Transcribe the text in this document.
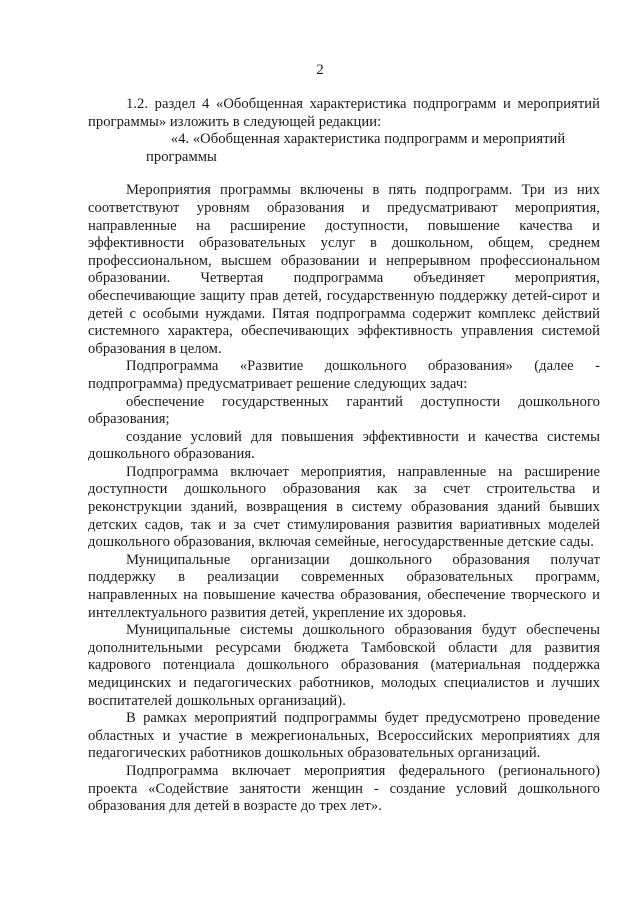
2

1.2. раздел 4 «Обобщенная характеристика подпрограмм и мероприятий программы» изложить в следующей редакции:

«4. «Обобщенная характеристика подпрограмм и мероприятий программы

Мероприятия программы включены в пять подпрограмм. Три из них соответствуют уровням образования и предусматривают мероприятия, направленные на расширение доступности, повышение качества и эффективности образовательных услуг в дошкольном, общем, среднем профессиональном, высшем образовании и непрерывном профессиональном образовании. Четвертая подпрограмма объединяет мероприятия, обеспечивающие защиту прав детей, государственную поддержку детей-сирот и детей с особыми нуждами. Пятая подпрограмма содержит комплекс действий системного характера, обеспечивающих эффективность управления системой образования в целом.

Подпрограмма «Развитие дошкольного образования» (далее - подпрограмма) предусматривает решение следующих задач:

обеспечение государственных гарантий доступности дошкольного образования;

создание условий для повышения эффективности и качества системы дошкольного образования.

Подпрограмма включает мероприятия, направленные на расширение доступности дошкольного образования как за счет строительства и реконструкции зданий, возвращения в систему образования зданий бывших детских садов, так и за счет стимулирования развития вариативных моделей дошкольного образования, включая семейные, негосударственные детские сады.

Муниципальные организации дошкольного образования получат поддержку в реализации современных образовательных программ, направленных на повышение качества образования, обеспечение творческого и интеллектуального развития детей, укрепление их здоровья.

Муниципальные системы дошкольного образования будут обеспечены дополнительными ресурсами бюджета Тамбовской области для развития кадрового потенциала дошкольного образования (материальная поддержка медицинских и педагогических работников, молодых специалистов и лучших воспитателей дошкольных организаций).

В рамках мероприятий подпрограммы будет предусмотрено проведение областных и участие в межрегиональных, Всероссийских мероприятиях для педагогических работников дошкольных образовательных организаций.

Подпрограмма включает мероприятия федерального (регионального) проекта «Содействие занятости женщин - создание условий дошкольного образования для детей в возрасте до трех лет».
